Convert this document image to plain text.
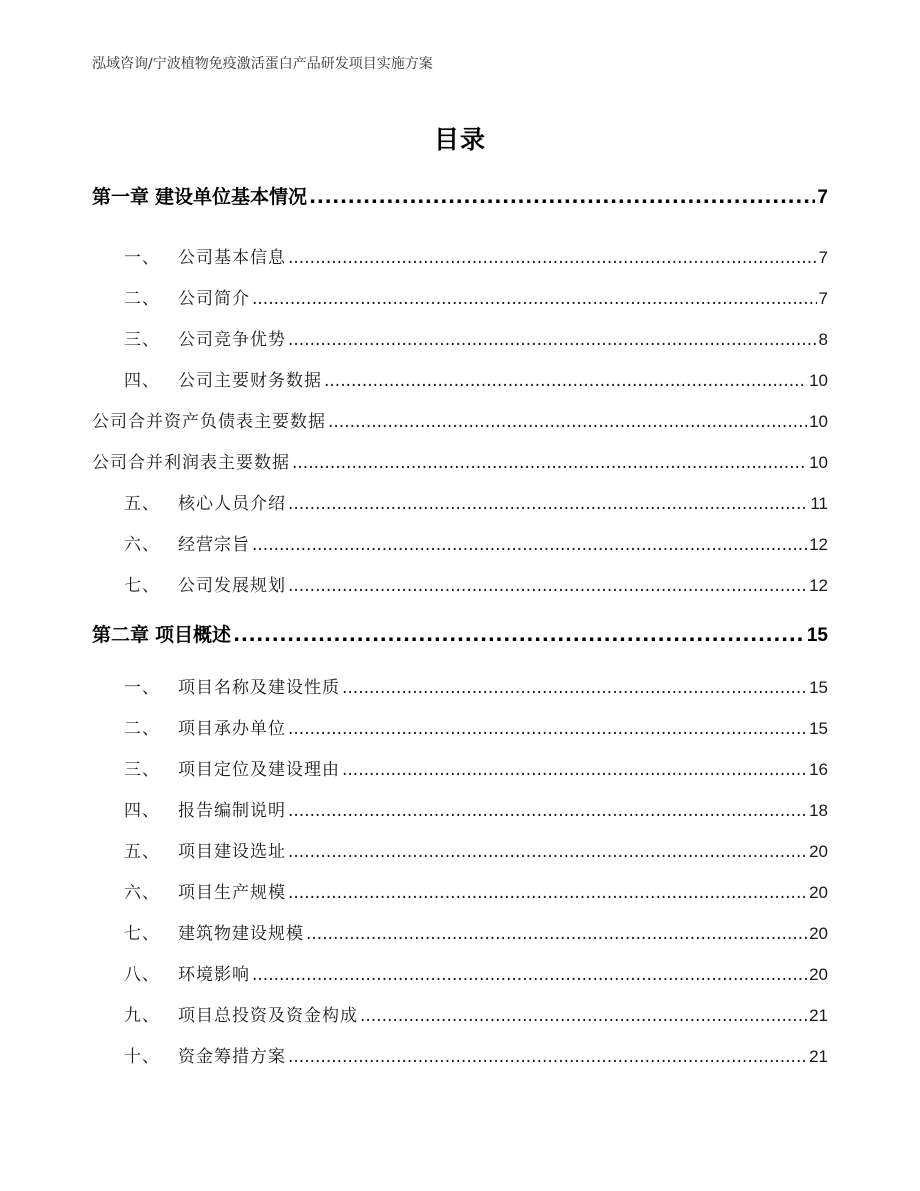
泓域咨询/宁波植物免疫激活蛋白产品研发项目实施方案
目录
第一章 建设单位基本情况 .....	7
一、 公司基本信息 .....	7
二、 公司简介 .....	7
三、 公司竞争优势 .....	8
四、 公司主要财务数据 .....	10
公司合并资产负债表主要数据 .....	10
公司合并利润表主要数据 .....	10
五、 核心人员介绍 .....	11
六、 经营宗旨 .....	12
七、 公司发展规划 .....	12
第二章 项目概述 .....	15
一、 项目名称及建设性质 .....	15
二、 项目承办单位 .....	15
三、 项目定位及建设理由 .....	16
四、 报告编制说明 .....	18
五、 项目建设选址 .....	20
六、 项目生产规模 .....	20
七、 建筑物建设规模 .....	20
八、 环境影响 .....	20
九、 项目总投资及资金构成 .....	21
十、 资金筹措方案 .....	21
